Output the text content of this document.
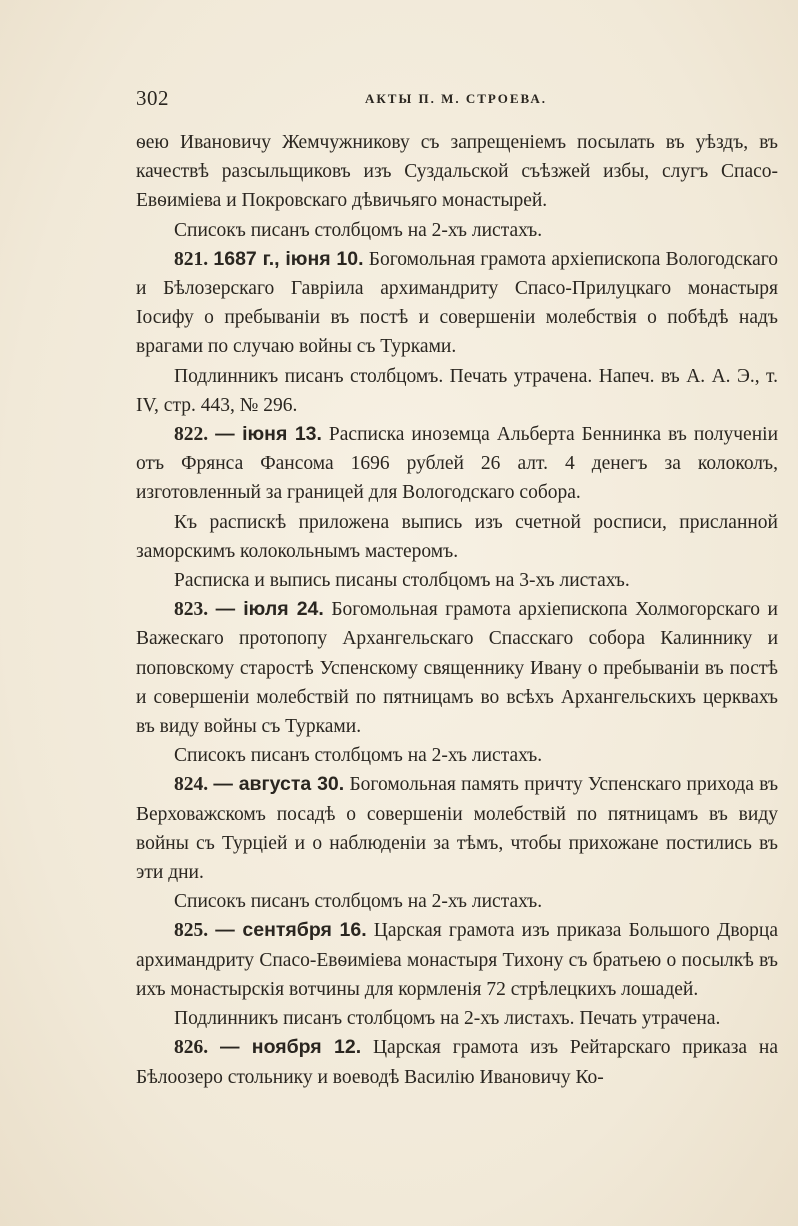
302	АКТЫ П. М. СТРОЕВА.

ѳею Ивановичу Жемчужникову съ запрещеніемъ посылать въ уѣздъ, въ качествѣ разсыльщиковъ изъ Суздальской съѣзжей избы, слугъ Спасо-Евѳиміева и Покровскаго дѣвичьяго монастырей.

Списокъ писанъ столбцомъ на 2-хъ листахъ.

821. 1687 г., іюня 10. Богомольная грамота архіепископа Вологодскаго и Бѣлозерскаго Гавріила архимандриту Спасо-Прилуцкаго монастыря Іосифу о пребываніи въ постѣ и совершеніи молебствія о побѣдѣ надъ врагами по случаю войны съ Турками.

Подлинникъ писанъ столбцомъ. Печать утрачена. Напеч. въ А. А. Э., т. IV, стр. 443, № 296.

822. — іюня 13. Расписка иноземца Альберта Беннинка въ полученіи отъ Фрянса Фансома 1696 рублей 26 алт. 4 денегъ за колоколъ, изготовленный за границей для Вологодскаго собора.

Къ распискѣ приложена выпись изъ счетной росписи, присланной заморскимъ колокольнымъ мастеромъ.

Расписка и выпись писаны столбцомъ на 3-хъ листахъ.

823. — іюля 24. Богомольная грамота архіепископа Холмогорскаго и Важескаго протопопу Архангельскаго Спасскаго собора Калиннику и поповскому старостѣ Успенскому священнику Ивану о пребываніи въ постѣ и совершеніи молебствій по пятницамъ во всѣхъ Архангельскихъ церквахъ въ виду войны съ Турками.

Списокъ писанъ столбцомъ на 2-хъ листахъ.

824. — августа 30. Богомольная память причту Успенскаго прихода въ Верховажскомъ посадѣ о совершеніи молебствій по пятницамъ въ виду войны съ Турціей и о наблюденіи за тѣмъ, чтобы прихожане постились въ эти дни.

Списокъ писанъ столбцомъ на 2-хъ листахъ.

825. — сентября 16. Царская грамота изъ приказа Большого Дворца архимандриту Спасо-Евѳиміева монастыря Тихону съ братьею о посылкѣ въ ихъ монастырскія вотчины для кормленія 72 стрѣлецкихъ лошадей.

Подлинникъ писанъ столбцомъ на 2-хъ листахъ. Печать утрачена.

826. — ноября 12. Царская грамота изъ Рейтарскаго приказа на Бѣлоозеро стольнику и воеводѣ Василію Ивановичу Ко-
